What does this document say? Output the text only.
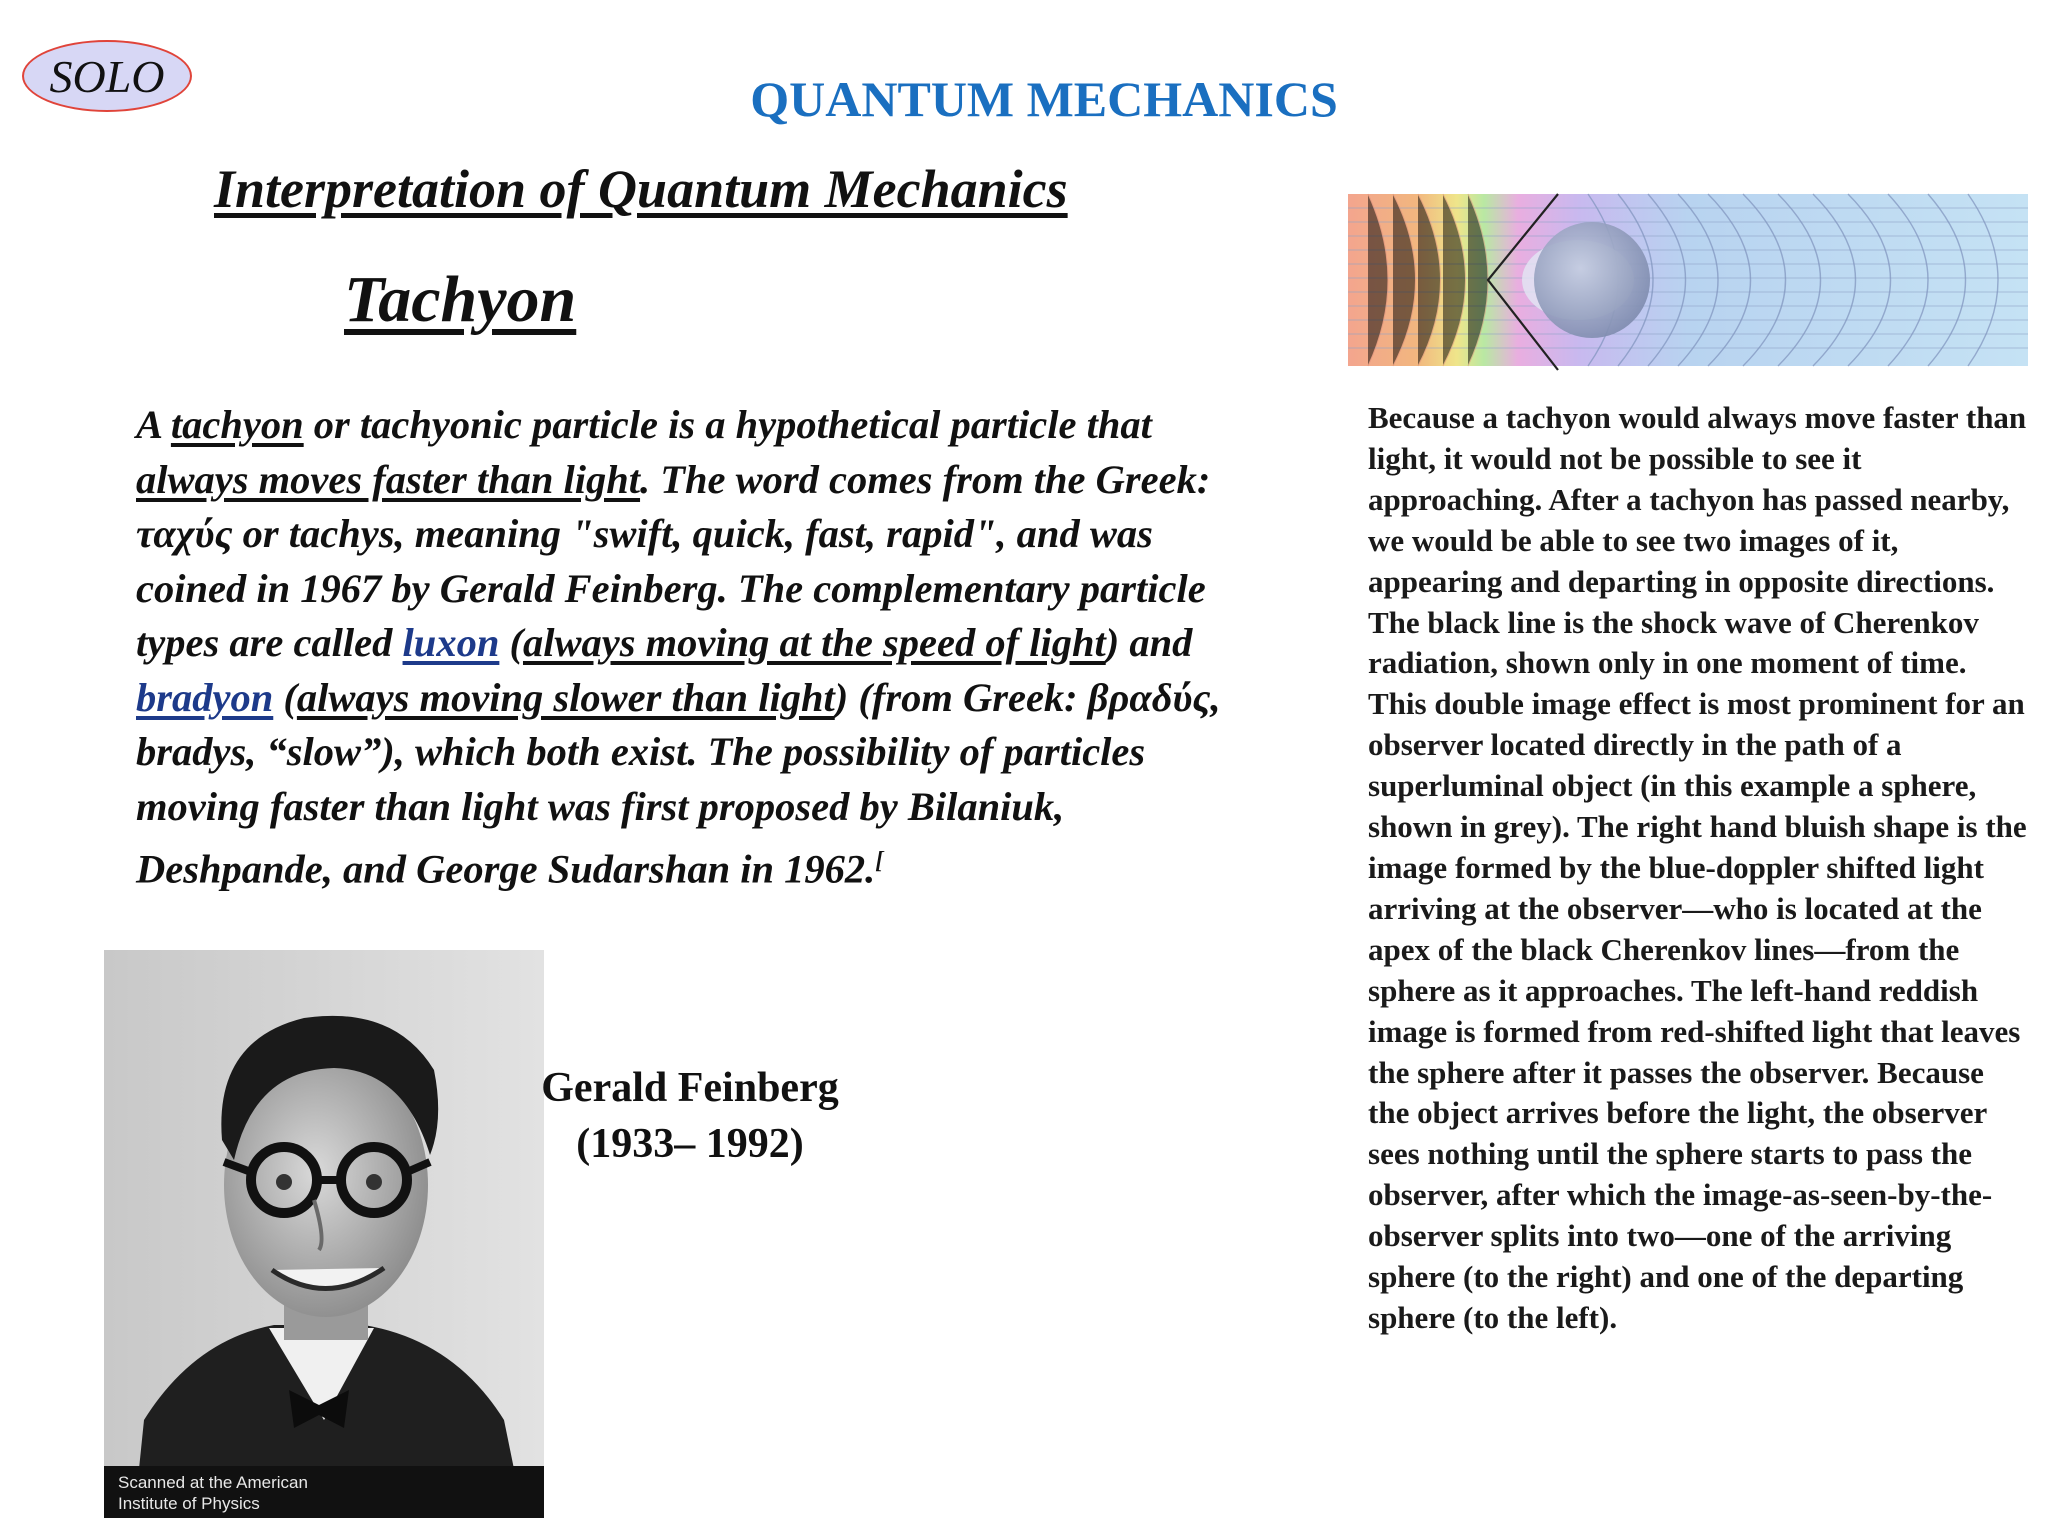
SOLO	QUANTUM MECHANICS
Interpretation of Quantum Mechanics
Tachyon
A tachyon or tachyonic particle is a hypothetical particle that always moves faster than light. The word comes from the Greek: ταχύς or tachys, meaning "swift, quick, fast, rapid", and was coined in 1967 by Gerald Feinberg. The complementary particle types are called luxon (always moving at the speed of light) and bradyon (always moving slower than light) (from Greek: βραδύς, bradys, “slow”), which both exist. The possibility of particles moving faster than light was first proposed by Bilaniuk, Deshpande, and George Sudarshan in 1962.[
Scanned at the American
Institute of Physics
Gerald Feinberg
(1933– 1992)
Because a tachyon would always move faster than light, it would not be possible to see it approaching. After a tachyon has passed nearby, we would be able to see two images of it, appearing and departing in opposite directions. The black line is the shock wave of Cherenkov radiation, shown only in one moment of time. This double image effect is most prominent for an observer located directly in the path of a superluminal object (in this example a sphere, shown in grey). The right hand bluish shape is the image formed by the blue-doppler shifted light arriving at the observer—who is located at the apex of the black Cherenkov lines—from the sphere as it approaches. The left-hand reddish image is formed from red-shifted light that leaves the sphere after it passes the observer. Because the object arrives before the light, the observer sees nothing until the sphere starts to pass the observer, after which the image-as-seen-by-the-observer splits into two—one of the arriving sphere (to the right) and one of the departing sphere (to the left).
